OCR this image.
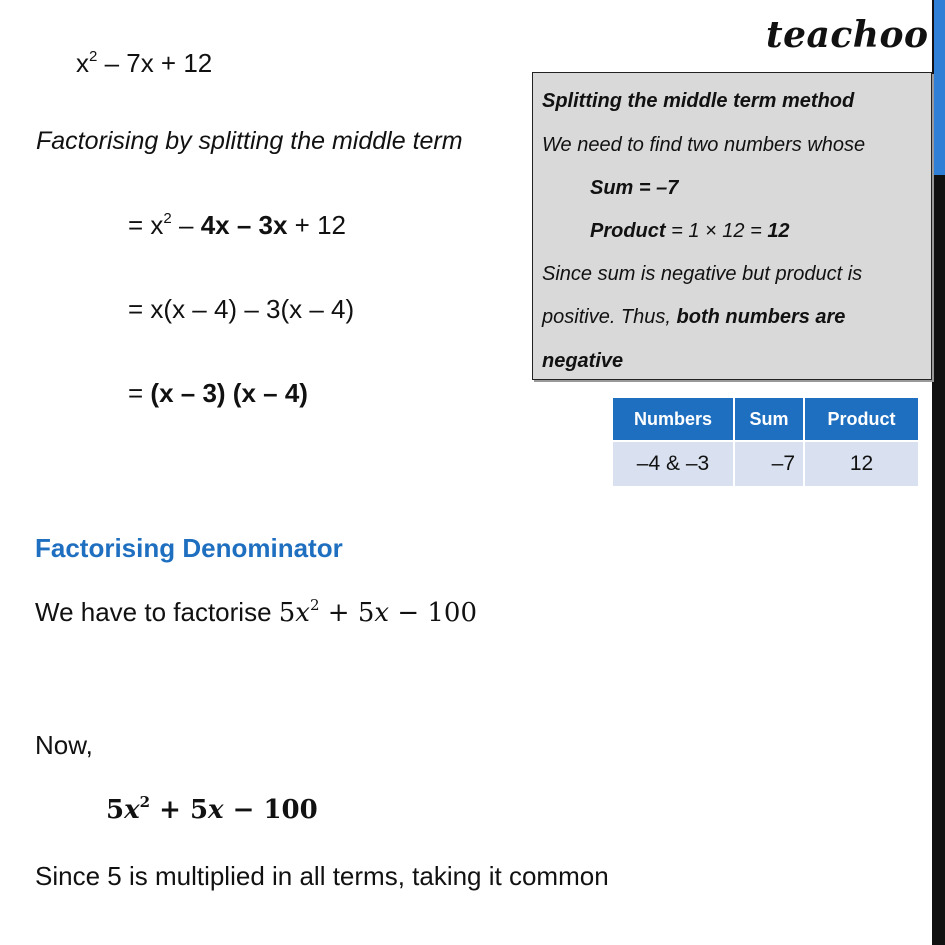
teachoo
$x^2 - 7x + 12$
Factorising by splitting the middle term
= $x^2 - 4x - 3x + 12$
= x(x – 4) – 3(x – 4)
= (x – 3) (x – 4)
Splitting the middle term method
We need to find two numbers whose
Sum = –7
Product = 1 × 12 = 12
Since sum is negative but product is
positive. Thus, both numbers are
negative
Numbers	Sum	Product
–4 & –3	–7	12
Factorising Denominator
We have to factorise $5x^2 + 5x - 100$
Now,
$5x^2 + 5x - 100$
Since 5 is multiplied in all terms, taking it common
